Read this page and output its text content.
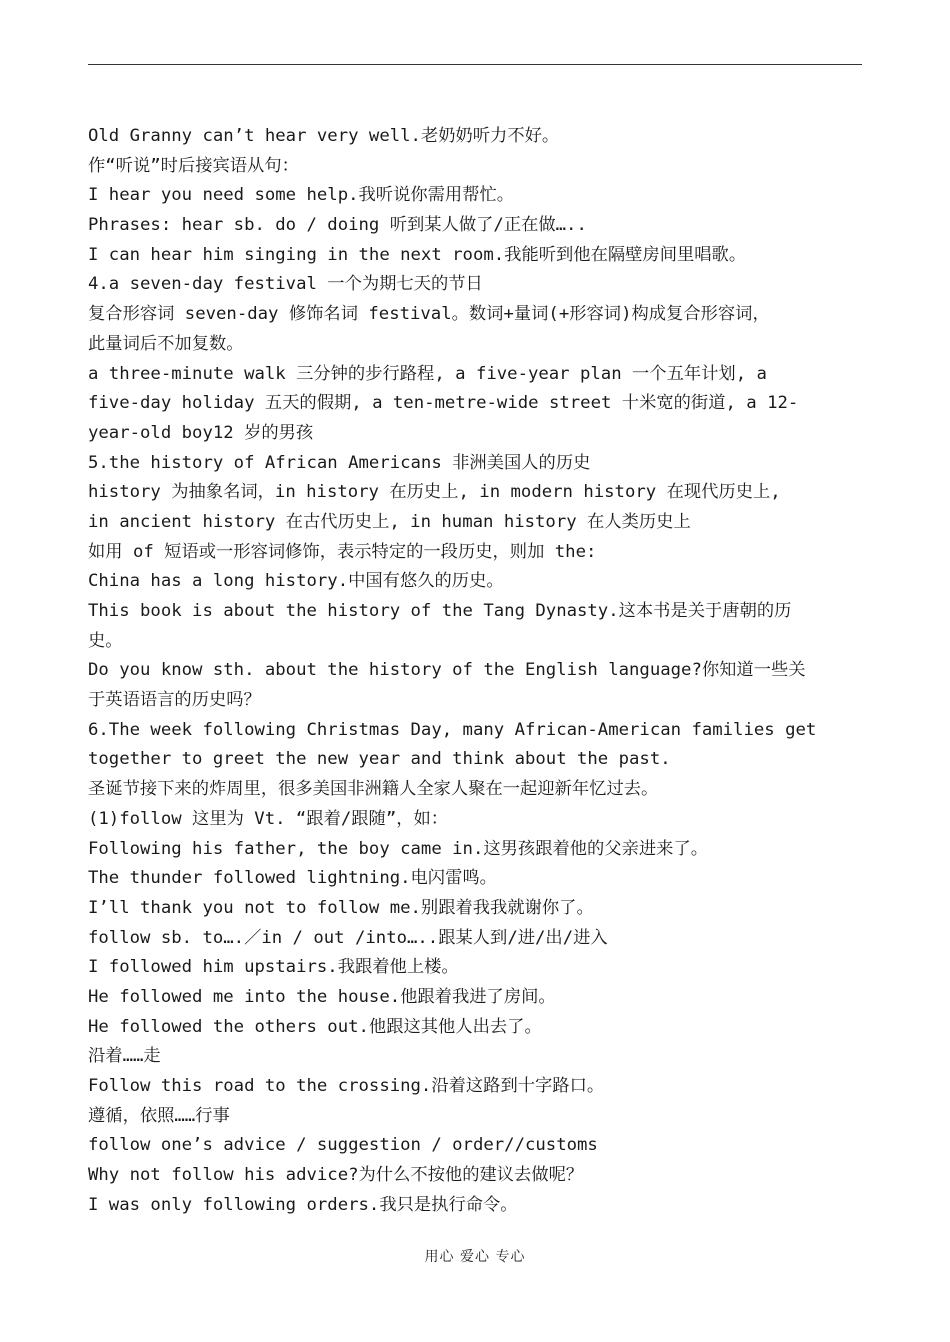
Old Granny can’t hear very well.老奶奶听力不好。
作“听说”时后接宾语从句：
I hear you need some help.我听说你需用帮忙。
Phrases: hear sb. do / doing 听到某人做了/正在做…..
I can hear him singing in the next room.我能听到他在隔壁房间里唱歌。
4.a seven-day festival 一个为期七天的节日
复合形容词 seven-day 修饰名词 festival。数词+量词(+形容词)构成复合形容词，
此量词后不加复数。
a three-minute walk 三分钟的步行路程, a five-year plan 一个五年计划, a
five-day holiday 五天的假期, a ten-metre-wide street 十米宽的街道, a 12-
year-old boy12 岁的男孩
5.the history of African Americans 非洲美国人的历史
history 为抽象名词，in history 在历史上, in modern history 在现代历史上,
in ancient history 在古代历史上, in human history 在人类历史上
如用 of 短语或一形容词修饰，表示特定的一段历史，则加 the:
China has a long history.中国有悠久的历史。
This book is about the history of the Tang Dynasty.这本书是关于唐朝的历
史。
Do you know sth. about the history of the English language?你知道一些关
于英语语言的历史吗？
6.The week following Christmas Day, many African-American families get
together to greet the new year and think about the past.
圣诞节接下来的炸周里，很多美国非洲籍人全家人聚在一起迎新年忆过去。
(1)follow 这里为 Vt. “跟着/跟随”，如：
Following his father, the boy came in.这男孩跟着他的父亲进来了。
The thunder followed lightning.电闪雷鸣。
I’ll thank you not to follow me.别跟着我我就谢你了。
follow sb. to….／in / out /into…..跟某人到/进/出/进入
I followed him upstairs.我跟着他上楼。
He followed me into the house.他跟着我进了房间。
He followed the others out.他跟这其他人出去了。
沿着……走
Follow this road to the crossing.沿着这路到十字路口。
遵循，依照……行事
follow one’s advice / suggestion / order//customs
Why not follow his advice?为什么不按他的建议去做呢？
I was only following orders.我只是执行命令。
用心 爱心 专心
